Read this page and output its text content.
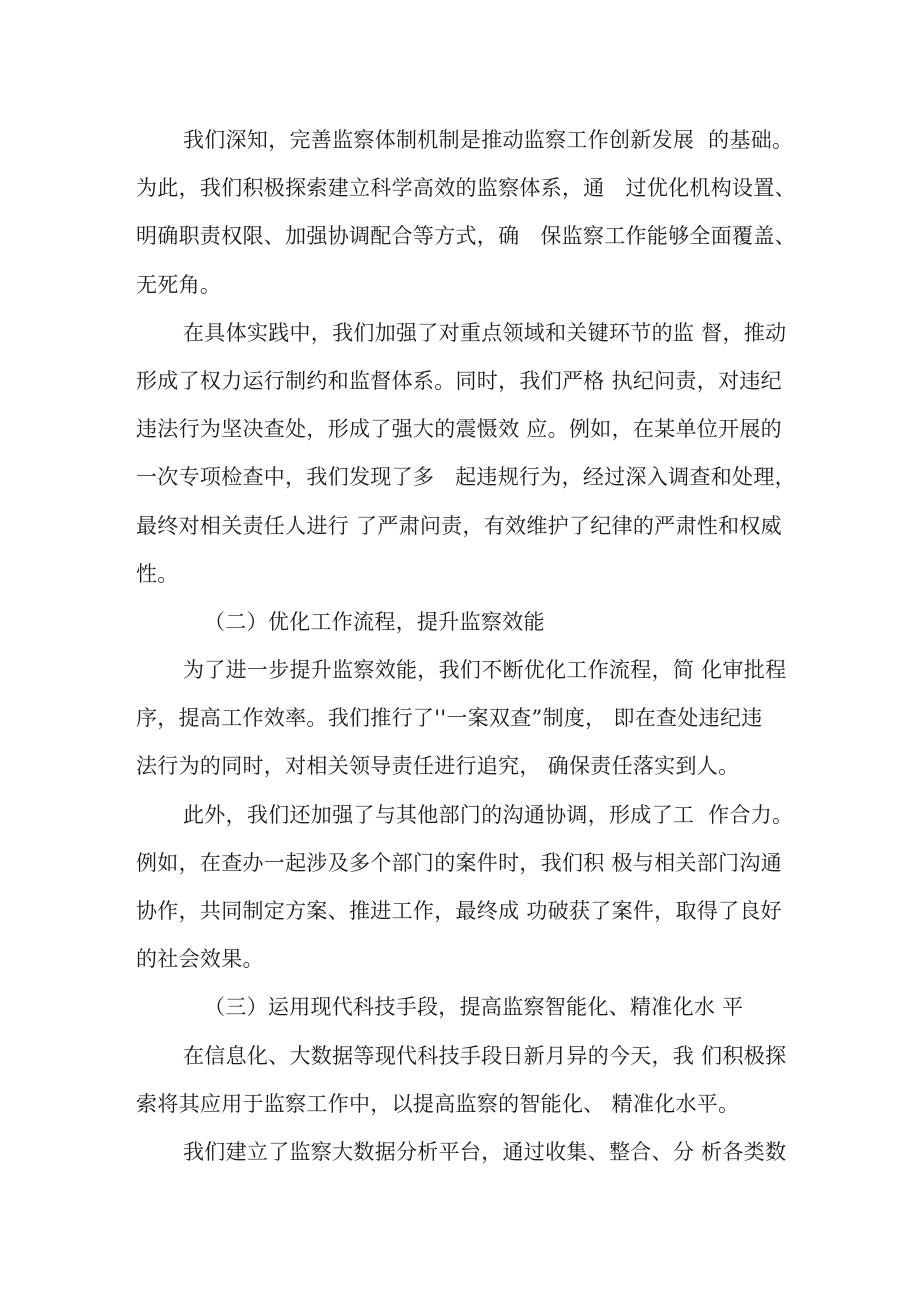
我们深知，完善监察体制机制是推动监察工作创新发展  的基础。
为此，我们积极探索建立科学高效的监察体系，通   过优化机构设置、
明确职责权限、加强协调配合等方式，确   保监察工作能够全面覆盖、
无死角。
在具体实践中，我们加强了对重点领域和关键环节的监 督，推动
形成了权力运行制约和监督体系。同时，我们严格 执纪问责，对违纪
违法行为坚决查处，形成了强大的震慑效 应。例如，在某单位开展的
一次专项检查中，我们发现了多   起违规行为，经过深入调查和处理，
最终对相关责任人进行 了严肃问责，有效维护了纪律的严肃性和权威
性。
（二）优化工作流程，提升监察效能
为了进一步提升监察效能，我们不断优化工作流程，简 化审批程
序，提高工作效率。我们推行了''一案双查”制度， 即在查处违纪违
法行为的同时，对相关领导责任进行追究， 确保责任落实到人。
此外，我们还加强了与其他部门的沟通协调，形成了工  作合力。
例如，在查办一起涉及多个部门的案件时，我们积 极与相关部门沟通
协作，共同制定方案、推进工作，最终成 功破获了案件，取得了良好
的社会效果。
（三）运用现代科技手段，提高监察智能化、精准化水 平
在信息化、大数据等现代科技手段日新月异的今天，我 们积极探
索将其应用于监察工作中，以提高监察的智能化、 精准化水平。
我们建立了监察大数据分析平台，通过收集、整合、分 析各类数
